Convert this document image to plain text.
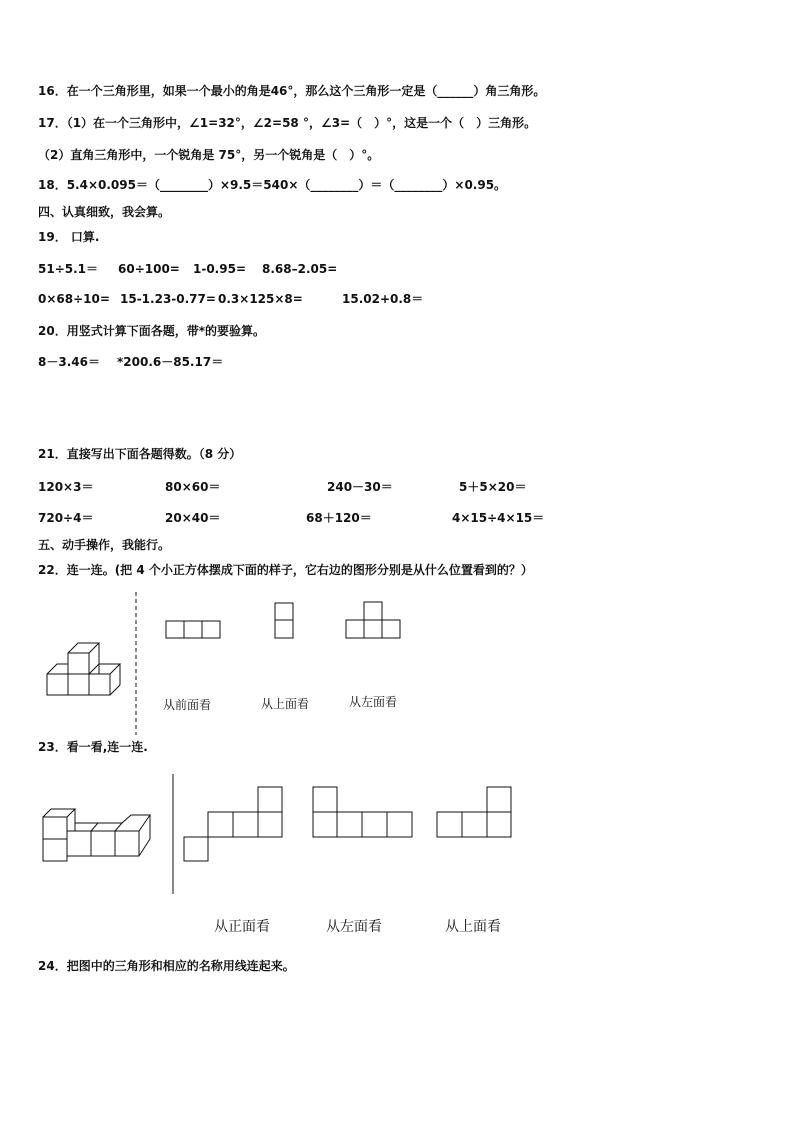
16．在一个三角形里，如果一个最小的角是46°，那么这个三角形一定是（______）角三角形。
17．（1）在一个三角形中，∠1=32°，∠2=58 °，∠3=（　）°，这是一个（　）三角形。
（2）直角三角形中，一个锐角是 75°，另一个锐角是（　）°。
18．5.4×0.095＝（________）×9.5＝540×（________）＝（________）×0.95。
四、认真细致，我会算。
19． 口算.
51÷5.1＝ 60÷100= 1-0.95= 8.68–2.05=
0×68÷10= 15-1.23-0.77= 0.3×125×8=	15.02+0.8＝
20．用竖式计算下面各题，带*的要验算。
8－3.46＝ *200.6－85.17＝
21．直接写出下面各题得数。（8 分）
120×3＝	80×60＝	240－30＝	5＋5×20＝
720÷4＝	20×40＝	68＋120＝	4×15÷4×15＝
五、动手操作，我能行。
22．连一连。(把 4 个小正方体摆成下面的样子，它右边的图形分别是从什么位置看到的？）
从前面看	从上面看	从左面看
23．看一看,连一连.
从正面看	从左面看	从上面看
24．把图中的三角形和相应的名称用线连起来。
